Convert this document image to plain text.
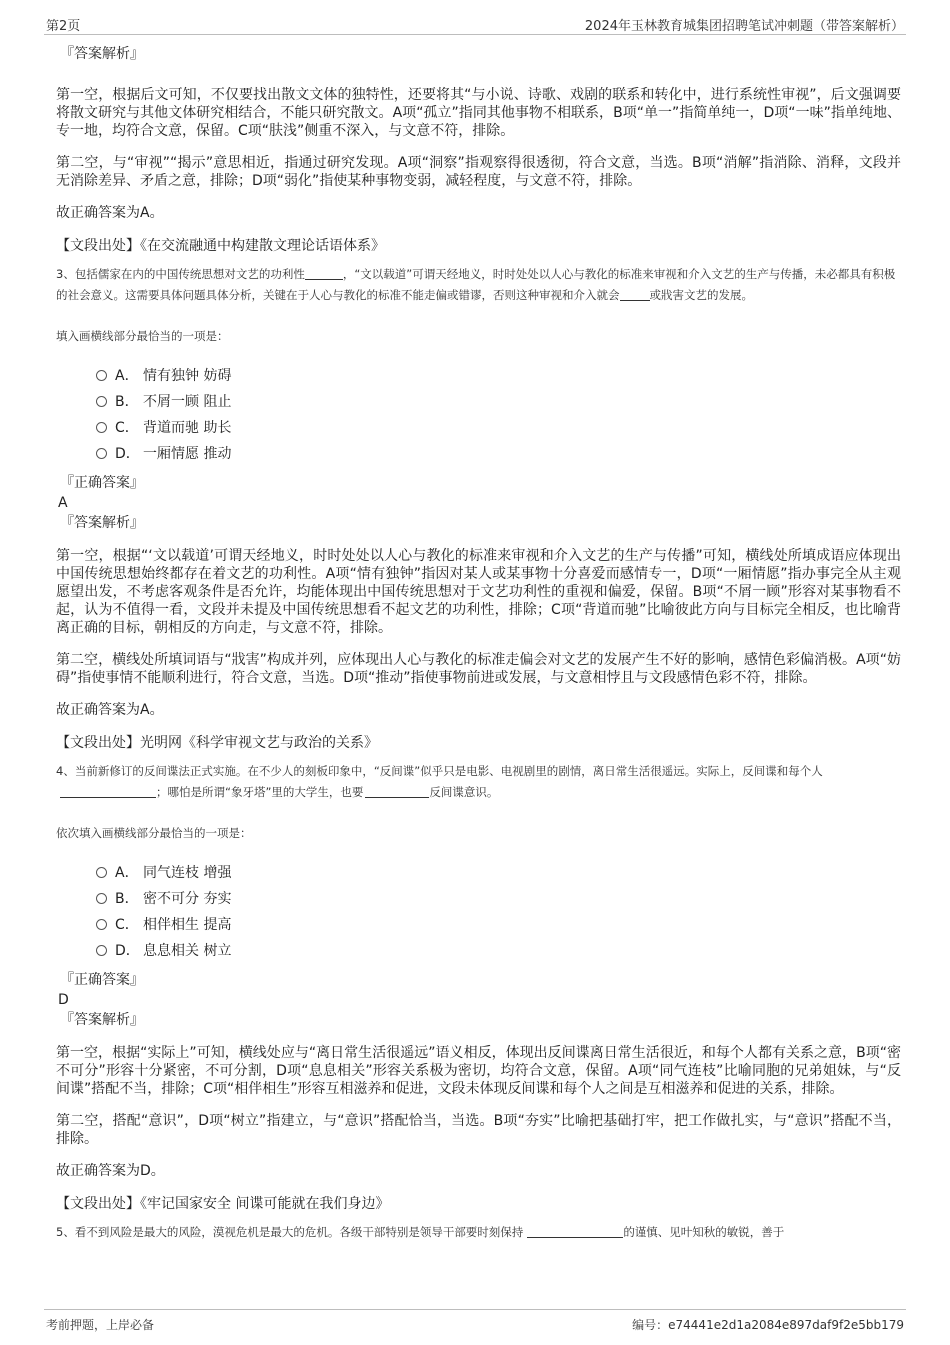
第2页	2024年玉林教育城集团招聘笔试冲刺题（带答案解析）
『答案解析』
第一空，根据后文可知，不仅要找出散文文体的独特性，还要将其“与小说、诗歌、戏剧的联系和转化中，进行系统性审视”，后文强调要将散文研究与其他文体研究相结合，不能只研究散文。A项“孤立”指同其他事物不相联系，B项“单一”指简单纯一，D项“一味”指单纯地、专一地，均符合文意，保留。C项“肤浅”侧重不深入，与文意不符，排除。
第二空，与“审视”“揭示”意思相近，指通过研究发现。A项“洞察”指观察得很透彻，符合文意，当选。B项“消解”指消除、消释，文段并无消除差异、矛盾之意，排除；D项“弱化”指使某种事物变弱，减轻程度，与文意不符，排除。
故正确答案为A。
【文段出处】《在交流融通中构建散文理论话语体系》
3、包括儒家在内的中国传统思想对文艺的功利性	，“文以载道”可谓天经地义，时时处处以人心与教化的标准来审视和介入文艺的生产与传播，未必都具有积极的社会意义。这需要具体问题具体分析，关键在于人心与教化的标准不能走偏或错谬，否则这种审视和介入就会	或戕害文艺的发展。
填入画横线部分最恰当的一项是：
A． 情有独钟 妨碍
B． 不屑一顾 阻止
C． 背道而驰 助长
D． 一厢情愿 推动
『正确答案』
A
『答案解析』
第一空，根据“‘文以载道’可谓天经地义，时时处处以人心与教化的标准来审视和介入文艺的生产与传播”可知，横线处所填成语应体现出中国传统思想始终都存在着文艺的功利性。A项“情有独钟”指因对某人或某事物十分喜爱而感情专一，D项“一厢情愿”指办事完全从主观愿望出发，不考虑客观条件是否允许，均能体现出中国传统思想对于文艺功利性的重视和偏爱，保留。B项“不屑一顾”形容对某事物看不起，认为不值得一看，文段并未提及中国传统思想看不起文艺的功利性，排除；C项“背道而驰”比喻彼此方向与目标完全相反，也比喻背离正确的目标，朝相反的方向走，与文意不符，排除。
第二空，横线处所填词语与“戕害”构成并列，应体现出人心与教化的标准走偏会对文艺的发展产生不好的影响，感情色彩偏消极。A项“妨碍”指使事情不能顺利进行，符合文意，当选。D项“推动”指使事物前进或发展，与文意相悖且与文段感情色彩不符，排除。
故正确答案为A。
【文段出处】光明网《科学审视文艺与政治的关系》
4、当前新修订的反间谍法正式实施。在不少人的刻板印象中，“反间谍”似乎只是电影、电视剧里的剧情，离日常生活很遥远。实际上，反间谍和每个人；哪怕是所谓“象牙塔”里的大学生，也要	反间谍意识。
依次填入画横线部分最恰当的一项是：
A． 同气连枝 增强
B． 密不可分 夯实
C． 相伴相生 提高
D． 息息相关 树立
『正确答案』
D
『答案解析』
第一空，根据“实际上”可知，横线处应与“离日常生活很遥远”语义相反，体现出反间谍离日常生活很近，和每个人都有关系之意，B项“密不可分”形容十分紧密，不可分割，D项“息息相关”形容关系极为密切，均符合文意，保留。A项“同气连枝”比喻同胞的兄弟姐妹，与“反间谍”搭配不当，排除；C项“相伴相生”形容互相滋养和促进，文段未体现反间谍和每个人之间是互相滋养和促进的关系，排除。
第二空，搭配“意识”，D项“树立”指建立，与“意识”搭配恰当，当选。B项“夯实”比喻把基础打牢，把工作做扎实，与“意识”搭配不当，排除。
故正确答案为D。
【文段出处】《牢记国家安全 间谍可能就在我们身边》
5、看不到风险是最大的风险，漠视危机是最大的危机。各级干部特别是领导干部要时刻保持	的谨慎、见叶知秋的敏锐，善于
考前押题，上岸必备	编号：e74441e2d1a2084e897daf9f2e5bb179
